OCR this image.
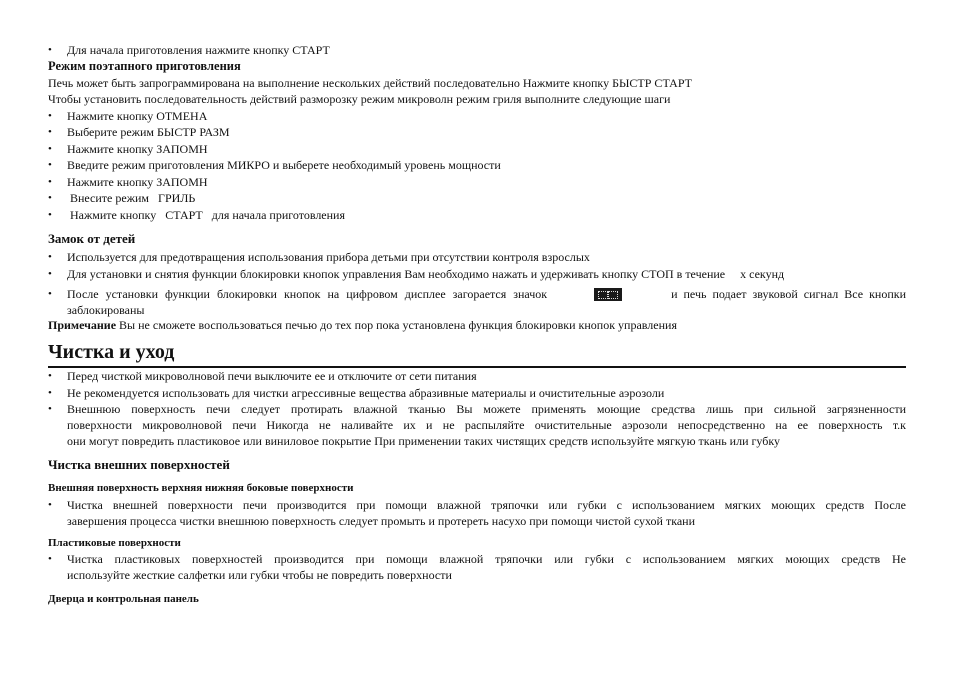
•	Для начала приготовления нажмите кнопку СТАРТ
Режим поэтапного приготовления
Печь может быть запрограммирована на выполнение нескольких действий последовательно Нажмите кнопку БЫСТР СТАРТ
Чтобы установить последовательность действий разморозку режим микроволн режим гриля выполните следующие шаги
•	Нажмите кнопку ОТМЕНА
•	Выберите режим БЫСТР РАЗМ
•	Нажмите кнопку ЗАПОМН
•	Введите режим приготовления МИКРО и выберете необходимый уровень мощности
•	Нажмите кнопку ЗАПОМН
•	Внесите режим   ГРИЛЬ
•	Нажмите кнопку   СТАРТ   для начала приготовления
Замок от детей
•	Используется для предотвращения использования прибора детьми при отсутствии контроля взрослых
•	Для установки и снятия функции блокировки кнопок управления Вам необходимо нажать и удерживать кнопку СТОП в течение     х секунд
•	После установки функции блокировки кнопок на цифровом дисплее загорается значок	и печь подает звуковой сигнал Все кнопки
заблокированы
Примечание Вы не сможете воспользоваться печью до тех пор пока установлена функция блокировки кнопок управления
Чистка и уход
•	Перед чисткой микроволновой печи выключите ее и отключите от сети питания
•	Не рекомендуется использовать для чистки агрессивные вещества абразивные материалы и очистительные аэрозоли
•	Внешнюю поверхность печи следует протирать влажной тканью Вы можете применять моющие средства лишь при сильной загрязненности
поверхности микроволновой печи Никогда не наливайте их и не распыляйте очистительные аэрозоли непосредственно на ее поверхность т.к
они могут повредить пластиковое или виниловое покрытие При применении таких чистящих средств используйте мягкую ткань или губку
Чистка внешних поверхностей
Внешняя поверхность верхняя нижняя боковые поверхности
•	Чистка внешней поверхности печи производится при помощи влажной тряпочки или губки с использованием мягких моющих средств После
завершения процесса чистки внешнюю поверхность следует промыть и протереть насухо при помощи чистой сухой ткани
Пластиковые поверхности
•	Чистка пластиковых поверхностей производится при помощи влажной тряпочки или губки с использованием мягких моющих средств Не
используйте жесткие салфетки или губки чтобы не повредить поверхности
Дверца и контрольная панель
